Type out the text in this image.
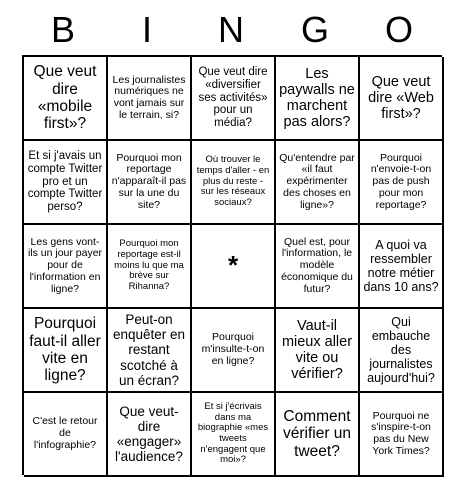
B	I	N	G	O
Que veut dire «mobile first»?
Les journalistes numériques ne vont jamais sur le terrain, si?
Que veut dire «diversifier ses activités» pour un média?
Les paywalls ne marchent pas alors?
Que veut dire «Web first»?
Et si j'avais un compte Twitter pro et un compte Twitter perso?
Pourquoi mon reportage n'apparaît-il pas sur la une du site?
Où trouver le temps d'aller - en plus du reste - sur les réseaux sociaux?
Qu'entendre par «il faut expérimenter des choses en ligne»?
Pourquoi n'envoie-t-on pas de push pour mon reportage?
Les gens vont-ils un jour payer pour de l'information en ligne?
Pourquoi mon reportage est-il moins lu que ma brève sur Rihanna?
*
Quel est, pour l'information, le modèle économique du futur?
A quoi va ressembler notre métier dans 10 ans?
Pourquoi faut-il aller vite en ligne?
Peut-on enquêter en restant scotché à un écran?
Pourquoi m'insulte-t-on en ligne?
Vaut-il mieux aller vite ou vérifier?
Qui embauche des journalistes aujourd'hui?
C'est le retour de l'infographie?
Que veut-dire «engager» l'audience?
Et si j'écrivais dans ma biographie «mes tweets n'engagent que moi»?
Comment vérifier un tweet?
Pourquoi ne s'inspire-t-on pas du New York Times?
